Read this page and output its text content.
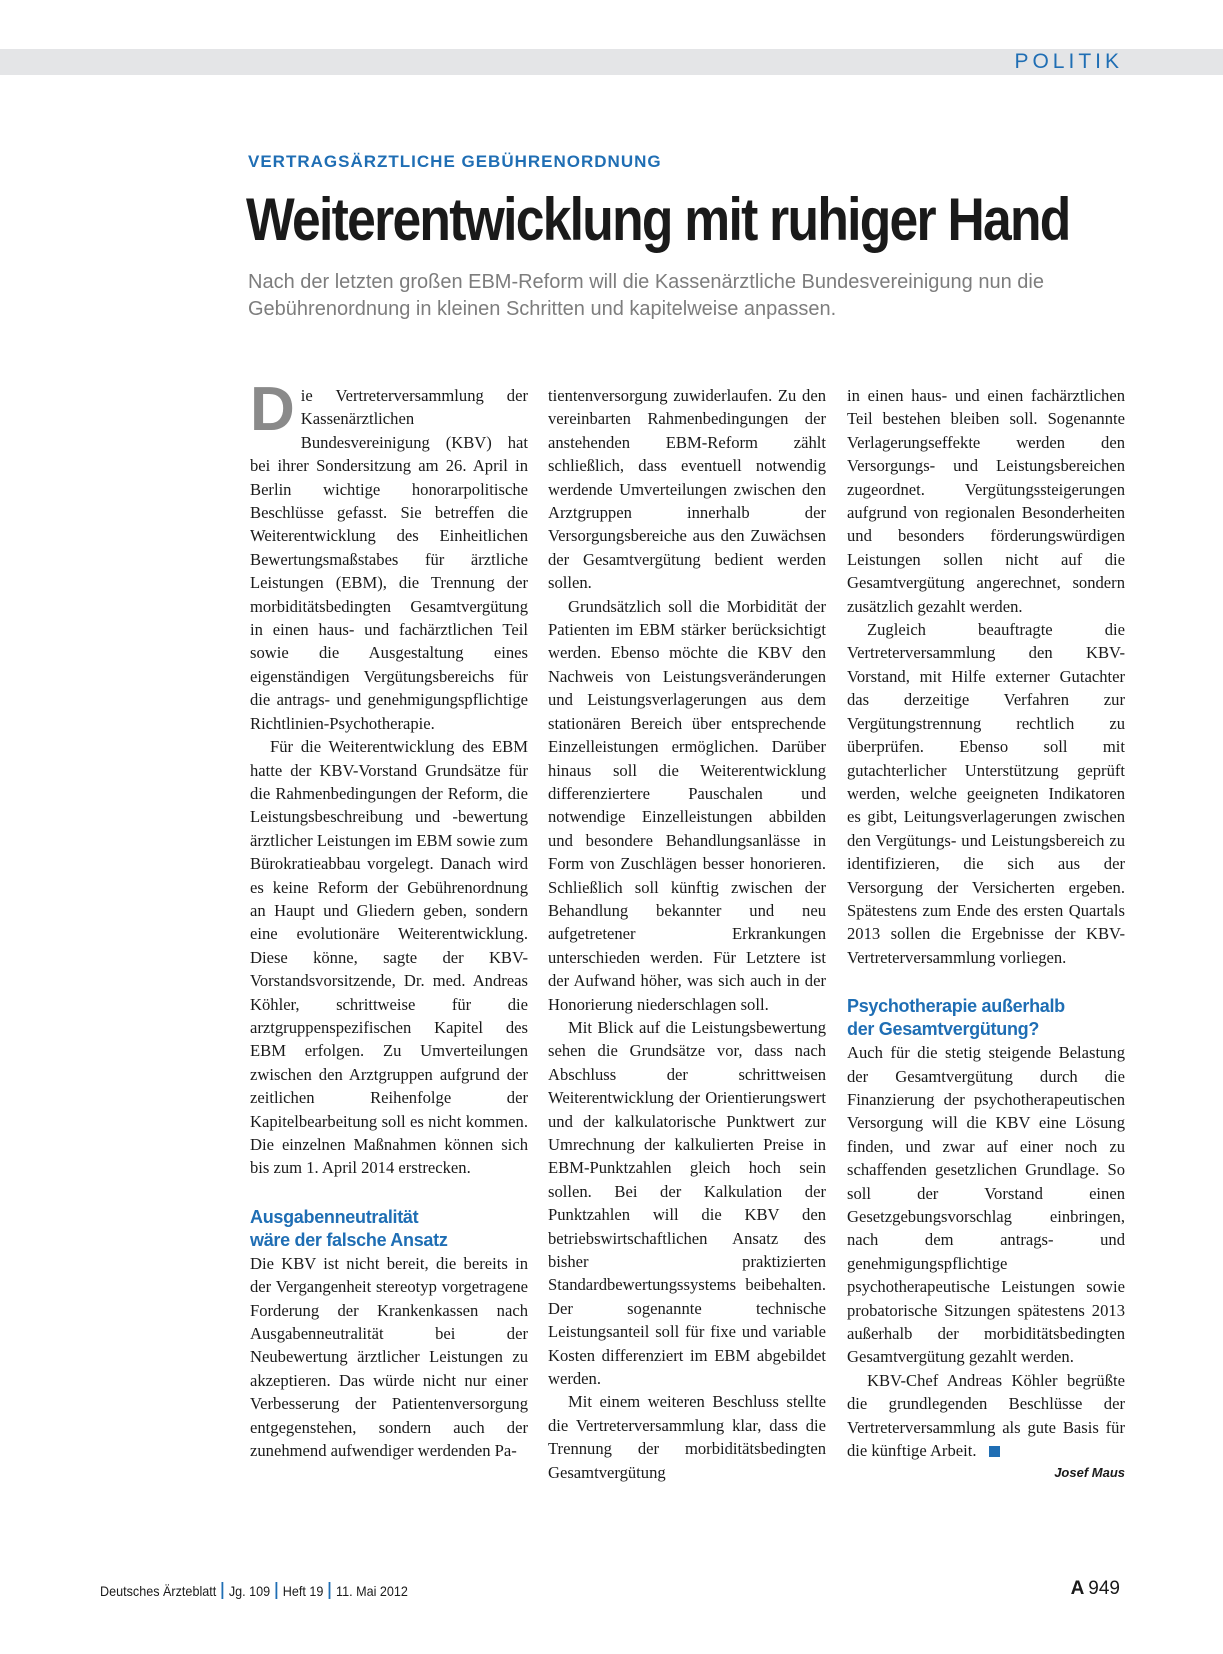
POLITIK
VERTRAGSÄRZTLICHE GEBÜHRENORDNUNG
Weiterentwicklung mit ruhiger Hand
Nach der letzten großen EBM-Reform will die Kassenärztliche Bundesvereinigung nun die Gebührenordnung in kleinen Schritten und kapitelweise anpassen.

Die Vertreterversammlung der Kassenärztlichen Bundesvereinigung (KBV) hat bei ihrer Sondersitzung am 26. April in Berlin wichtige honorarpolitische Beschlüsse gefasst. Sie betreffen die Weiterentwicklung des Einheitlichen Bewertungsmaßstabes für ärztliche Leistungen (EBM), die Trennung der morbiditätsbedingten Gesamtvergütung in einen haus- und fachärztlichen Teil sowie die Ausgestaltung eines eigenständigen Vergütungsbereichs für die antrags- und genehmigungspflichtige Richtlinien-Psychotherapie.

Für die Weiterentwicklung des EBM hatte der KBV-Vorstand Grundsätze für die Rahmenbedingungen der Reform, die Leistungsbeschreibung und -bewertung ärztlicher Leistungen im EBM sowie zum Bürokratieabbau vorgelegt. Danach wird es keine Reform der Gebührenordnung an Haupt und Gliedern geben, sondern eine evolutionäre Weiterentwicklung. Diese könne, sagte der KBV-Vorstandsvorsitzende, Dr. med. Andreas Köhler, schrittweise für die arztgruppenspezifischen Kapitel des EBM erfolgen. Zu Umverteilungen zwischen den Arztgruppen aufgrund der zeitlichen Reihenfolge der Kapitelbearbeitung soll es nicht kommen. Die einzelnen Maßnahmen können sich bis zum 1. April 2014 erstrecken.

Ausgabenneutralität
wäre der falsche Ansatz

Die KBV ist nicht bereit, die bereits in der Vergangenheit stereotyp vorgetragene Forderung der Krankenkassen nach Ausgabenneutralität bei der Neubewertung ärztlicher Leistungen zu akzeptieren. Das würde nicht nur einer Verbesserung der Patientenversorgung entgegenstehen, sondern auch der zunehmend aufwendiger werdenden Pa-

tientenversorgung zuwiderlaufen. Zu den vereinbarten Rahmenbedingungen der anstehenden EBM-Reform zählt schließlich, dass eventuell notwendig werdende Umverteilungen zwischen den Arztgruppen innerhalb der Versorgungsbereiche aus den Zuwächsen der Gesamtvergütung bedient werden sollen.

Grundsätzlich soll die Morbidität der Patienten im EBM stärker berücksichtigt werden. Ebenso möchte die KBV den Nachweis von Leistungsveränderungen und Leistungsverlagerungen aus dem stationären Bereich über entsprechende Einzelleistungen ermöglichen. Darüber hinaus soll die Weiterentwicklung differenziertere Pauschalen und notwendige Einzelleistungen abbilden und besondere Behandlungsanlässe in Form von Zuschlägen besser honorieren. Schließlich soll künftig zwischen der Behandlung bekannter und neu aufgetretener Erkrankungen unterschieden werden. Für Letztere ist der Aufwand höher, was sich auch in der Honorierung niederschlagen soll.

Mit Blick auf die Leistungsbewertung sehen die Grundsätze vor, dass nach Abschluss der schrittweisen Weiterentwicklung der Orientierungswert und der kalkulatorische Punktwert zur Umrechnung der kalkulierten Preise in EBM-Punktzahlen gleich hoch sein sollen. Bei der Kalkulation der Punktzahlen will die KBV den betriebswirtschaftlichen Ansatz des bisher praktizierten Standardbewertungssystems beibehalten. Der sogenannte technische Leistungsanteil soll für fixe und variable Kosten differenziert im EBM abgebildet werden.

Mit einem weiteren Beschluss stellte die Vertreterversammlung klar, dass die Trennung der morbiditätsbedingten Gesamtvergütung

in einen haus- und einen fachärztlichen Teil bestehen bleiben soll. Sogenannte Verlagerungseffekte werden den Versorgungs- und Leistungsbereichen zugeordnet. Vergütungssteigerungen aufgrund von regionalen Besonderheiten und besonders förderungswürdigen Leistungen sollen nicht auf die Gesamtvergütung angerechnet, sondern zusätzlich gezahlt werden.

Zugleich beauftragte die Vertreterversammlung den KBV-Vorstand, mit Hilfe externer Gutachter das derzeitige Verfahren zur Vergütungstrennung rechtlich zu überprüfen. Ebenso soll mit gutachterlicher Unterstützung geprüft werden, welche geeigneten Indikatoren es gibt, Leitungsverlagerungen zwischen den Vergütungs- und Leistungsbereich zu identifizieren, die sich aus der Versorgung der Versicherten ergeben. Spätestens zum Ende des ersten Quartals 2013 sollen die Ergebnisse der KBV-Vertreterversammlung vorliegen.

Psychotherapie außerhalb
der Gesamtvergütung?

Auch für die stetig steigende Belastung der Gesamtvergütung durch die Finanzierung der psychotherapeutischen Versorgung will die KBV eine Lösung finden, und zwar auf einer noch zu schaffenden gesetzlichen Grundlage. So soll der Vorstand einen Gesetzgebungsvorschlag einbringen, nach dem antrags- und genehmigungspflichtige psychotherapeutische Leistungen sowie probatorische Sitzungen spätestens 2013 außerhalb der morbiditätsbedingten Gesamtvergütung gezahlt werden.

KBV-Chef Andreas Köhler begrüßte die grundlegenden Beschlüsse der Vertreterversammlung als gute Basis für die künftige Arbeit.

Josef Maus
Deutsches Ärzteblatt Jg. 109 Heft 19 11. Mai 2012	A 949
